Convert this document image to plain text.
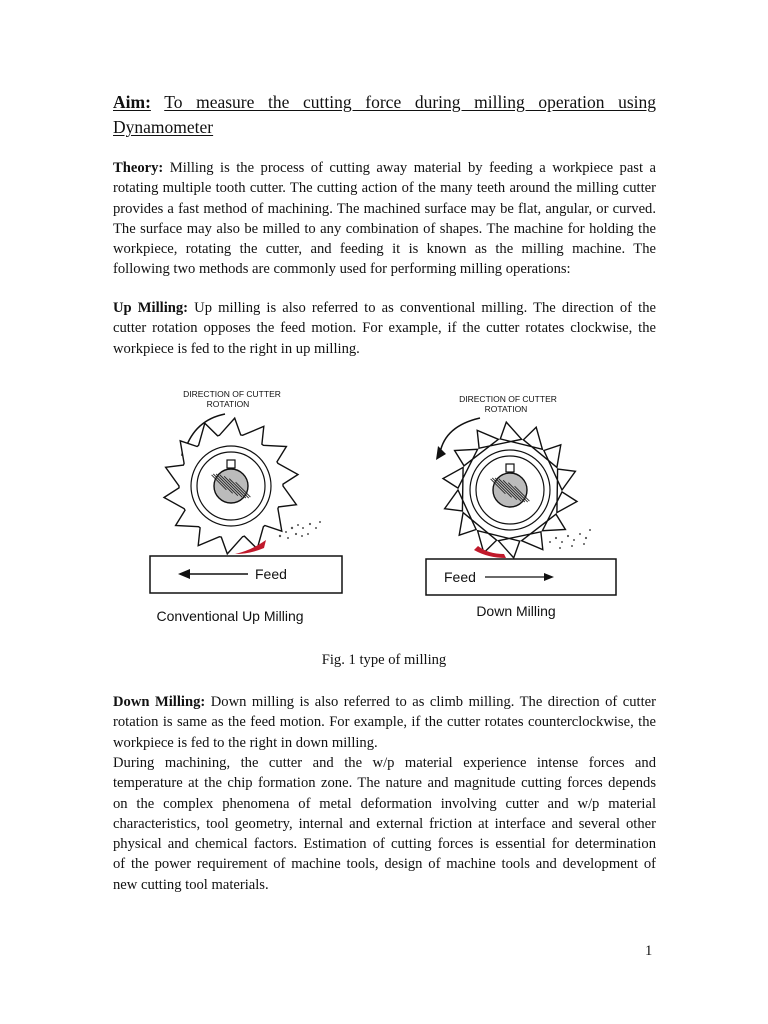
Aim: To measure the cutting force during milling operation using
Dynamometer
Theory: Milling is the process of cutting away material by feeding a workpiece past a
rotating multiple tooth cutter. The cutting action of the many teeth around the milling cutter
provides a fast method of machining. The machined surface may be flat, angular, or curved.
The surface may also be milled to any combination of shapes. The machine for holding the
workpiece, rotating the cutter, and feeding it is known as the milling machine. The
following two methods are commonly used for performing milling operations:
Up Milling: Up milling is also referred to as conventional milling. The direction of the
cutter rotation opposes the feed motion. For example, if the cutter rotates clockwise, the
workpiece is fed to the right in up milling.
DIRECTION OF CUTTER
ROTATION
Feed
Conventional Up Milling
DIRECTION OF CUTTER
ROTATION
Feed
Down Milling
Fig. 1 type of milling
Down Milling: Down milling is also referred to as climb milling. The direction of cutter
rotation is same as the feed motion. For example, if the cutter rotates counterclockwise, the
workpiece is fed to the right in down milling.
During machining, the cutter and the w/p material experience intense forces and
temperature at the chip formation zone. The nature and magnitude cutting forces depends
on the complex phenomena of metal deformation involving cutter and w/p material
characteristics, tool geometry, internal and external friction at interface and several other
physical and chemical factors. Estimation of cutting forces is essential for determination
of the power requirement of machine tools, design of machine tools and development of
new cutting tool materials.
1
